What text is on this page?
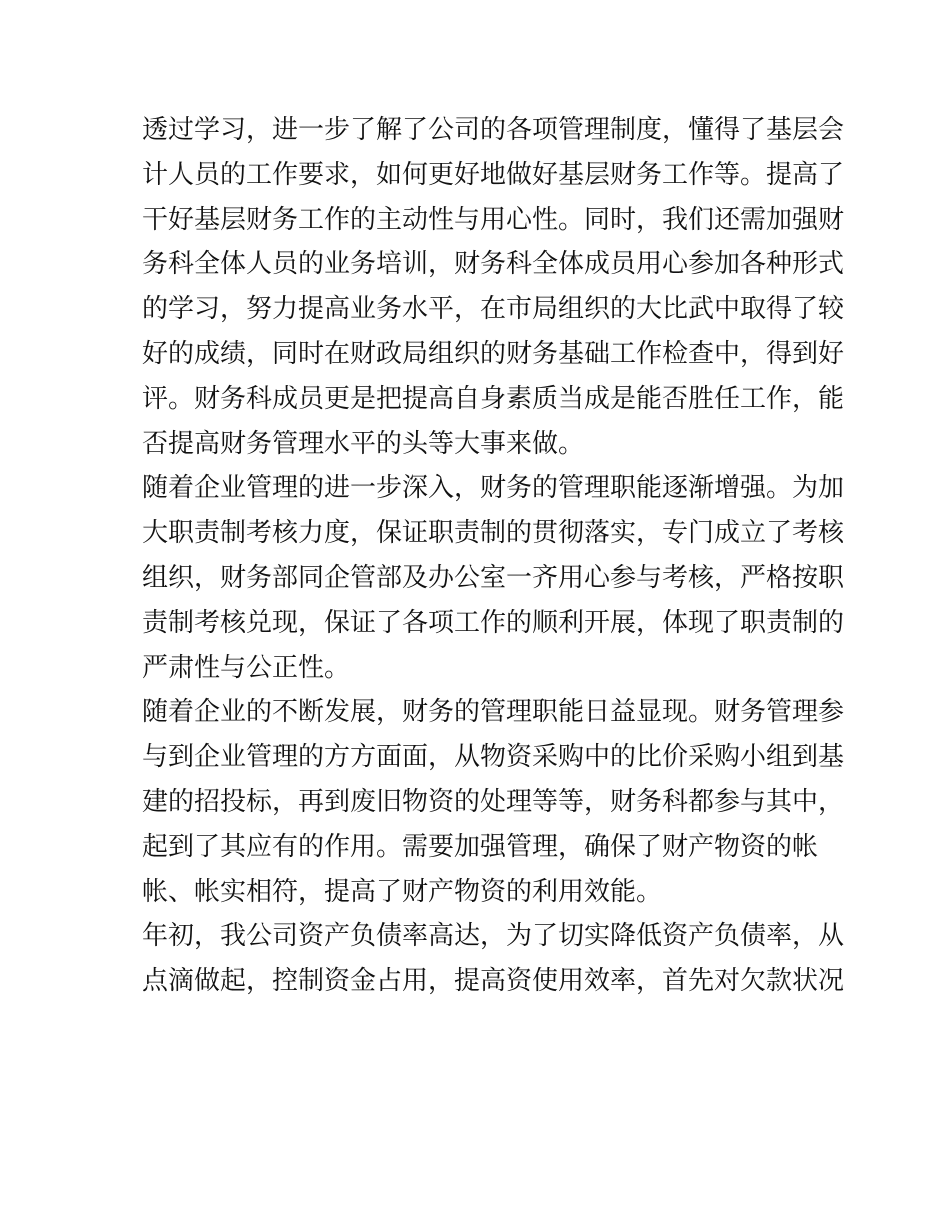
透过学习，进一步了解了公司的各项管理制度，懂得了基层会
计人员的工作要求，如何更好地做好基层财务工作等。提高了
干好基层财务工作的主动性与用心性。同时，我们还需加强财
务科全体人员的业务培训，财务科全体成员用心参加各种形式
的学习，努力提高业务水平，在市局组织的大比武中取得了较
好的成绩，同时在财政局组织的财务基础工作检查中，得到好
评。财务科成员更是把提高自身素质当成是能否胜任工作，能
否提高财务管理水平的头等大事来做。
随着企业管理的进一步深入，财务的管理职能逐渐增强。为加
大职责制考核力度，保证职责制的贯彻落实，专门成立了考核
组织，财务部同企管部及办公室一齐用心参与考核，严格按职
责制考核兑现，保证了各项工作的顺利开展，体现了职责制的
严肃性与公正性。
随着企业的不断发展，财务的管理职能日益显现。财务管理参
与到企业管理的方方面面，从物资采购中的比价采购小组到基
建的招投标，再到废旧物资的处理等等，财务科都参与其中，
起到了其应有的作用。需要加强管理，确保了财产物资的帐
帐、帐实相符，提高了财产物资的利用效能。
年初，我公司资产负债率高达，为了切实降低资产负债率，从
点滴做起，控制资金占用，提高资使用效率，首先对欠款状况
